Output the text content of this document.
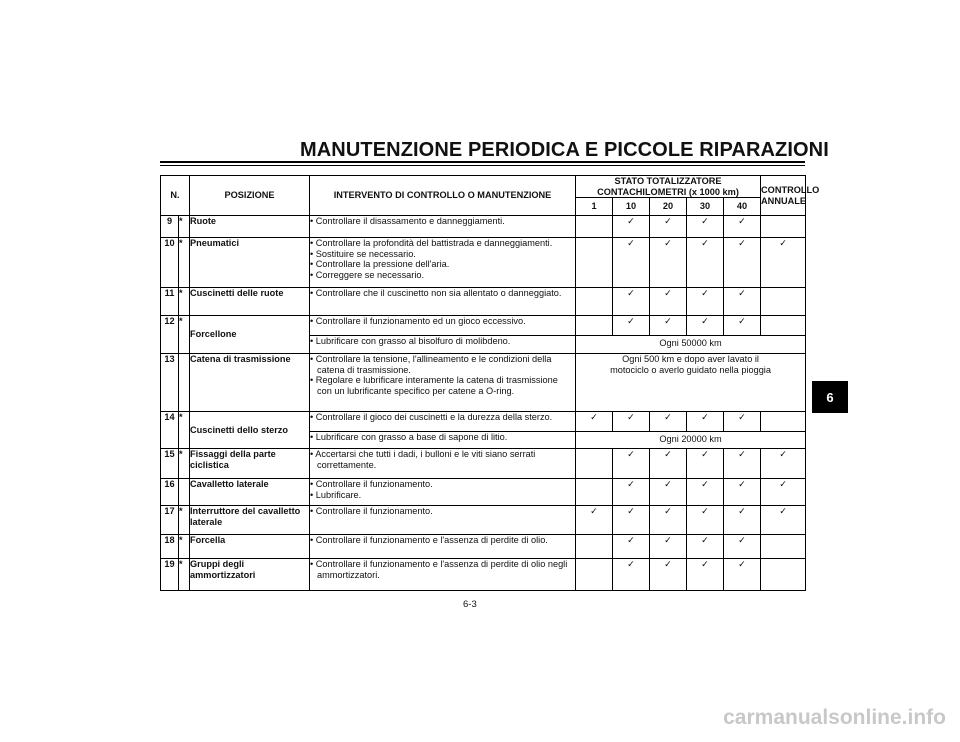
MANUTENZIONE PERIODICA E PICCOLE RIPARAZIONI
6
N.		POSIZIONE	INTERVENTO DI CONTROLLO O MANUTENZIONE	STATO TOTALIZZATORE CONTACHILOMETRI (x 1000 km)					CONTROLLO ANNUALE
				1	10	20	30	40	
9	*	Ruote	• Controllare il disassamento e danneggiamenti.		✓	✓	✓	✓	
10	*	Pneumatici	• Controllare la profondità del battistrada e danneggiamenti.
• Sostituire se necessario.
• Controllare la pressione dell'aria.
• Correggere se necessario.		✓	✓	✓	✓	✓
11	*	Cuscinetti delle ruote	• Controllare che il cuscinetto non sia allentato o danneggiato.		✓	✓	✓	✓	
12	*	Forcellone	• Controllare il funzionamento ed un gioco eccessivo.		✓	✓	✓	✓	

			• Lubrificare con grasso al bisolfuro di molibdeno.	Ogni 50000 km					
13		Catena di trasmissione	• Controllare la tensione, l'allineamento e le condizioni della catena di trasmissione.
• Regolare e lubrificare interamente la catena di trasmissione con un lubrificante specifico per catene a O-ring.	Ogni 500 km e dopo aver lavato il motociclo o averlo guidato nella pioggia					
14	*	Cuscinetti dello sterzo	• Controllare il gioco dei cuscinetti e la durezza della sterzo.	✓	✓	✓	✓	✓	

			• Lubrificare con grasso a base di sapone di litio.	Ogni 20000 km					
15	*	Fissaggi della parte ciclistica	• Accertarsi che tutti i dadi, i bulloni e le viti siano serrati correttamente.		✓	✓	✓	✓	✓
16		Cavalletto laterale	• Controllare il funzionamento.
• Lubrificare.		✓	✓	✓	✓	✓
17	*	Interruttore del cavalletto laterale	• Controllare il funzionamento.	✓	✓	✓	✓	✓	✓
18	*	Forcella	• Controllare il funzionamento e l'assenza di perdite di olio.		✓	✓	✓	✓	
19	*	Gruppi degli ammortizzatori	• Controllare il funzionamento e l'assenza di perdite di olio negli ammortizzatori.		✓	✓	✓	✓	
6-3
carmanualsonline.info
